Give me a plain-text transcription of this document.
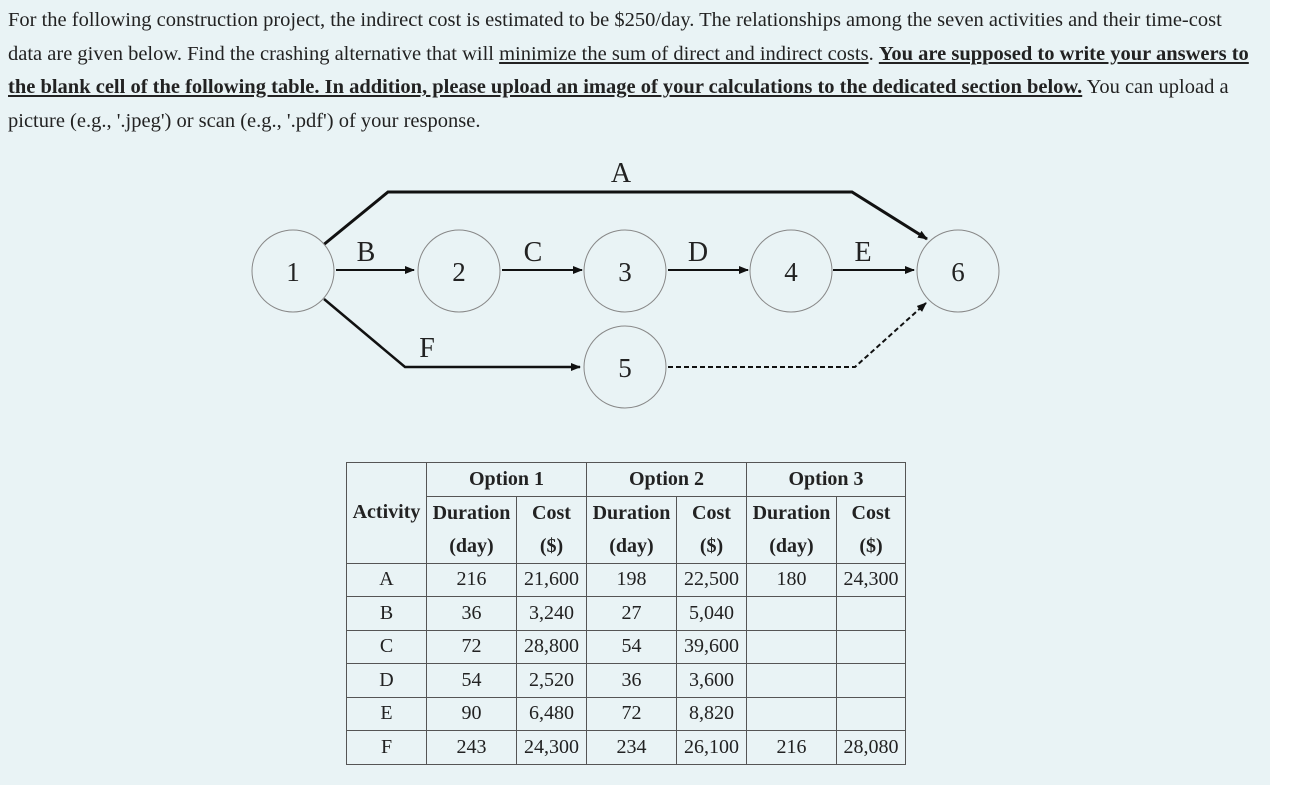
For the following construction project, the indirect cost is estimated to be $250/day. The relationships among the seven activities and their time-cost data are given below. Find the crashing alternative that will minimize the sum of direct and indirect costs. You are supposed to write your answers to the blank cell of the following table. In addition, please upload an image of your calculations to the dedicated section below. You can upload a picture (e.g., '.jpeg') or scan (e.g., '.pdf') of your response.
1	2	3	4
5
6
A
B	C	D	E
F
	Option 1		Option 2		Option 3	
Activity	Duration	Cost	Duration	Cost	Duration	Cost
	(day)	($)	(day)	($)	(day)	($)
A	216	21,600	198	22,500	180	24,300
B	36	3,240	27	5,040		
C	72	28,800	54	39,600		
D	54	2,520	36	3,600		
E	90	6,480	72	8,820		
F	243	24,300	234	26,100	216	28,080
